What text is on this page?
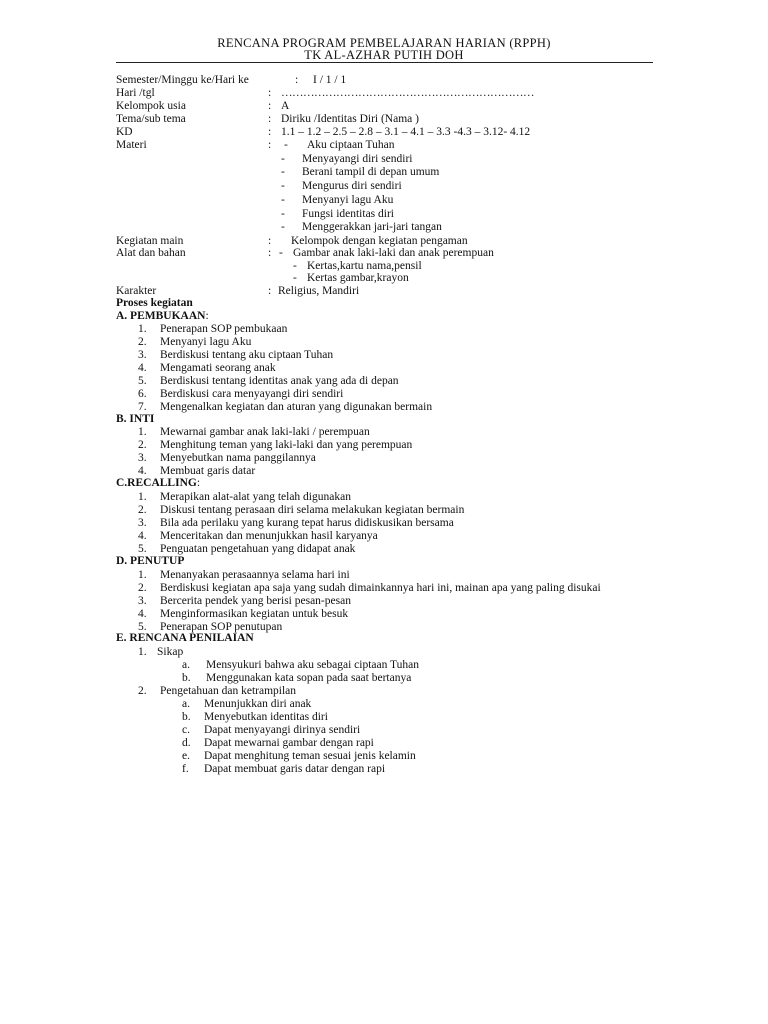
RENCANA PROGRAM PEMBELAJARAN HARIAN (RPPH)
TK AL-AZHAR PUTIH DOH
Semester/Minggu ke/Hari ke	: I / 1 / 1
Hari /tgl	: ……………………………………………………………
Kelompok usia	: A
Tema/sub tema	: Diriku /Identitas Diri (Nama )
KD	: 1.1 – 1.2 – 2.5 – 2.8 – 3.1 – 4.1 – 3.3 -4.3 – 3.12- 4.12
Materi	: - Aku ciptaan Tuhan
- Menyayangi diri sendiri
- Berani tampil di depan umum
- Mengurus diri sendiri
- Menyanyi lagu Aku
- Fungsi identitas diri
- Menggerakkan jari-jari tangan
Kegiatan main	: Kelompok dengan kegiatan pengaman
Alat dan bahan	: - Gambar anak laki-laki dan anak perempuan
- Kertas,kartu nama,pensil
- Kertas gambar,krayon
Karakter	: Religius, Mandiri
Proses kegiatan
A. PEMBUKAAN:
1. Penerapan SOP pembukaan
2. Menyanyi lagu Aku
3. Berdiskusi tentang aku ciptaan Tuhan
4. Mengamati seorang anak
5. Berdiskusi tentang identitas anak yang ada di depan
6. Berdiskusi cara menyayangi diri sendiri
7. Mengenalkan kegiatan dan aturan yang digunakan bermain
B. INTI
1. Mewarnai gambar anak laki-laki / perempuan
2. Menghitung teman yang laki-laki dan yang perempuan
3. Menyebutkan nama panggilannya
4. Membuat garis datar
C.RECALLING:
1. Merapikan alat-alat yang telah digunakan
2. Diskusi tentang perasaan diri selama melakukan kegiatan bermain
3. Bila ada perilaku yang kurang tepat harus didiskusikan bersama
4. Menceritakan dan menunjukkan hasil karyanya
5. Penguatan pengetahuan yang didapat anak
D. PENUTUP
1. Menanyakan perasaannya selama hari ini
2. Berdiskusi kegiatan apa saja yang sudah dimainkannya hari ini, mainan apa yang paling disukai
3. Bercerita pendek yang berisi pesan-pesan
4. Menginformasikan kegiatan untuk besuk
5. Penerapan SOP penutupan
E. RENCANA PENILAIAN
1. Sikap
a. Mensyukuri bahwa aku sebagai ciptaan Tuhan
b. Menggunakan kata sopan pada saat bertanya
2. Pengetahuan dan ketrampilan
a. Menunjukkan diri anak
b. Menyebutkan identitas diri
c. Dapat menyayangi dirinya sendiri
d. Dapat mewarnai gambar dengan rapi
e. Dapat menghitung teman sesuai jenis kelamin
f. Dapat membuat garis datar dengan rapi
